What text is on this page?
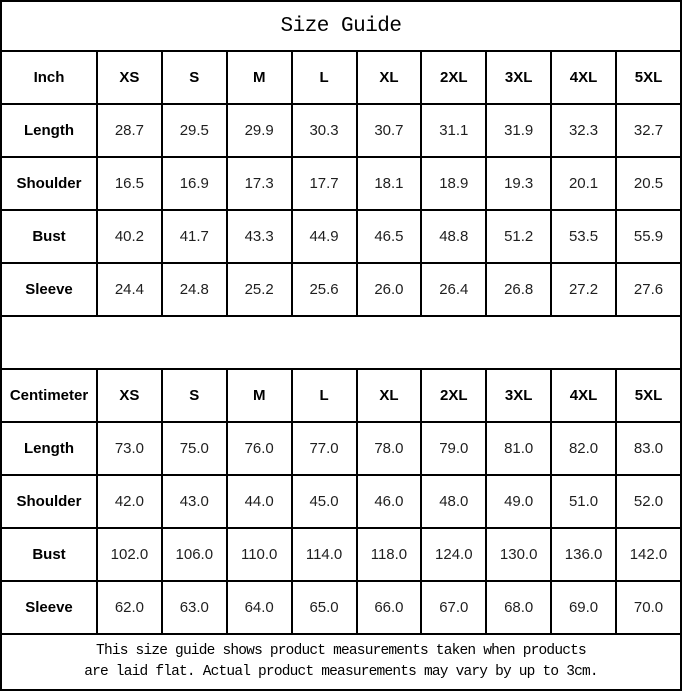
Size Guide									
Inch	XS	S	M	L	XL	2XL	3XL	4XL	5XL
Length	28.7	29.5	29.9	30.3	30.7	31.1	31.9	32.3	32.7
Shoulder	16.5	16.9	17.3	17.7	18.1	18.9	19.3	20.1	20.5
Bust	40.2	41.7	43.3	44.9	46.5	48.8	51.2	53.5	55.9
Sleeve	24.4	24.8	25.2	25.6	26.0	26.4	26.8	27.2	27.6

Centimeter	XS	S	M	L	XL	2XL	3XL	4XL	5XL
Length	73.0	75.0	76.0	77.0	78.0	79.0	81.0	82.0	83.0
Shoulder	42.0	43.0	44.0	45.0	46.0	48.0	49.0	51.0	52.0
Bust	102.0	106.0	110.0	114.0	118.0	124.0	130.0	136.0	142.0
Sleeve	62.0	63.0	64.0	65.0	66.0	67.0	68.0	69.0	70.0

This size guide shows product measurements taken when products
are laid flat. Actual product measurements may vary by up to 3cm.									
